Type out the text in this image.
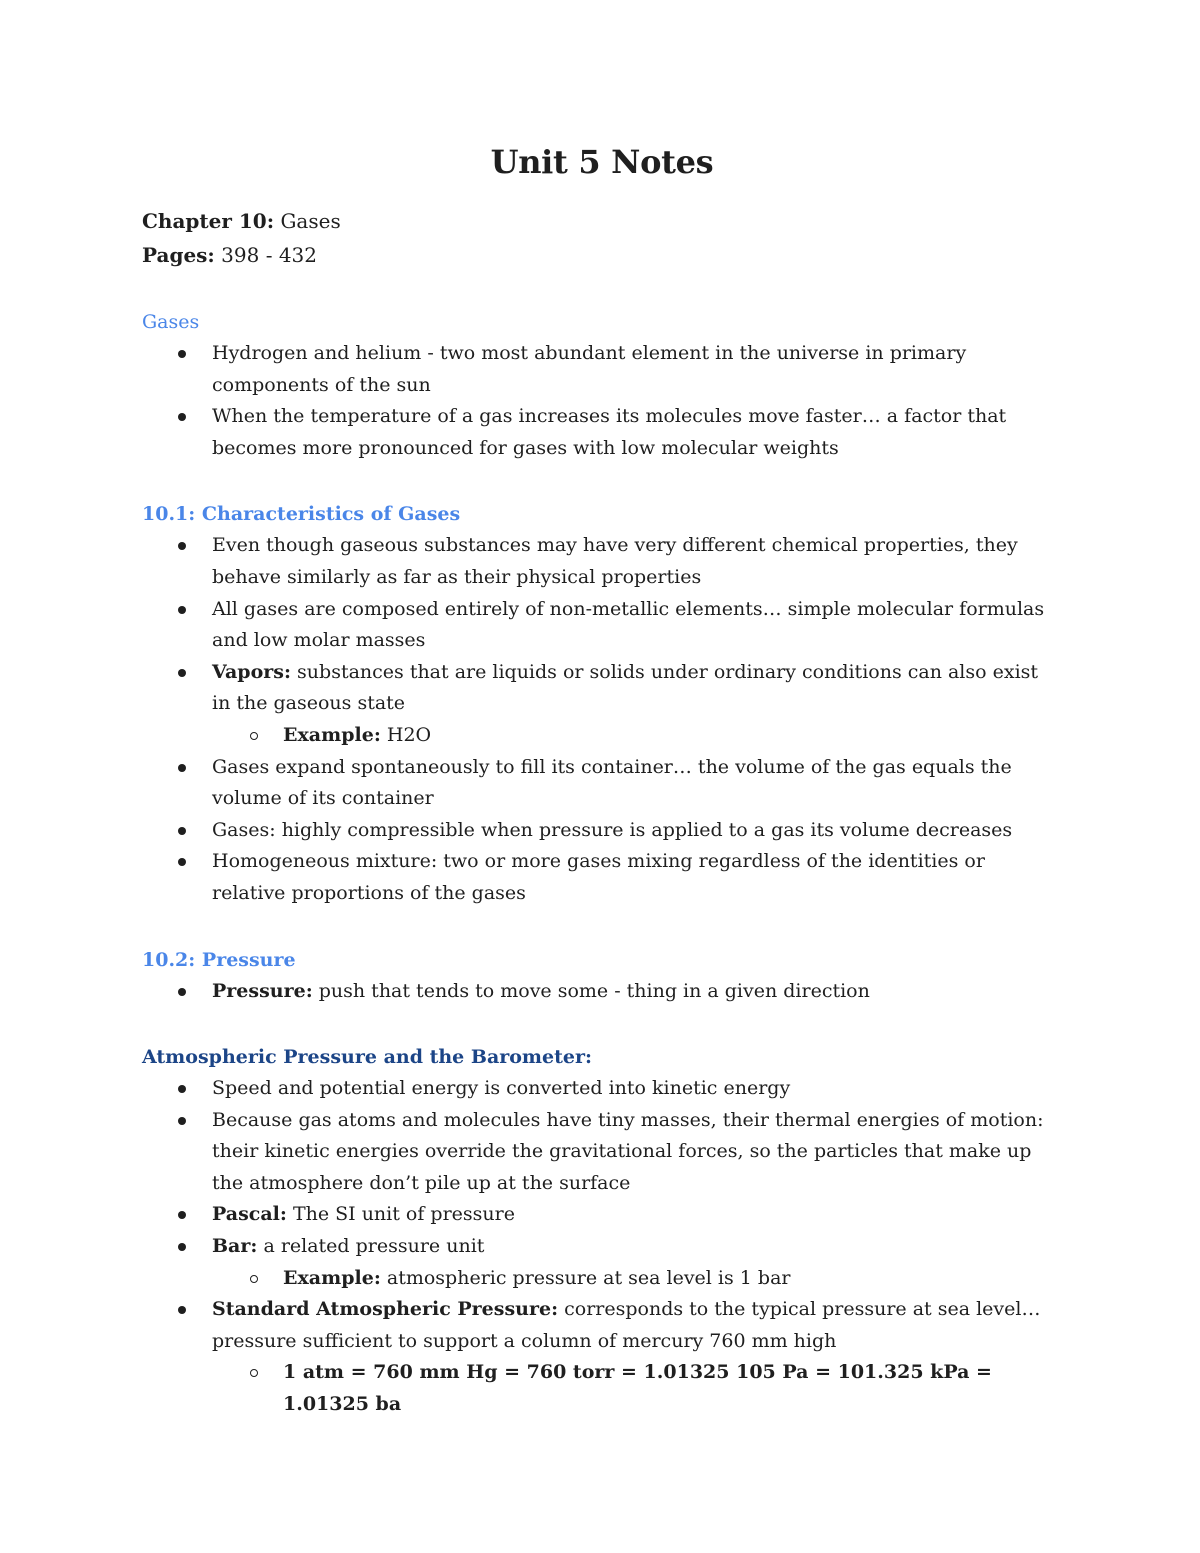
Unit 5 Notes

Chapter 10: Gases

Pages: 398 - 432

Gases

Hydrogen and helium - two most abundant element in the universe in primary components of the sun
When the temperature of a gas increases its molecules move faster… a factor that becomes more pronounced for gases with low molecular weights

10.1: Characteristics of Gases

Even though gaseous substances may have very different chemical properties, they behave similarly as far as their physical properties
All gases are composed entirely of non-metallic elements… simple molecular formulas and low molar masses
Vapors: substances that are liquids or solids under ordinary conditions can also exist in the gaseous state
Example: H2O
Gases expand spontaneously to fill its container… the volume of the gas equals the volume of its container
Gases: highly compressible when pressure is applied to a gas its volume decreases
Homogeneous mixture: two or more gases mixing regardless of the identities or relative proportions of the gases

10.2: Pressure

Pressure: push that tends to move some - thing in a given direction

Atmospheric Pressure and the Barometer:

Speed and potential energy is converted into kinetic energy
Because gas atoms and molecules have tiny masses, their thermal energies of motion: their kinetic energies override the gravitational forces, so the particles that make up the atmosphere don’t pile up at the surface
Pascal: The SI unit of pressure
Bar: a related pressure unit
Example: atmospheric pressure at sea level is 1 bar
Standard Atmospheric Pressure: corresponds to the typical pressure at sea level… pressure sufficient to support a column of mercury 760 mm high
1 atm = 760 mm Hg = 760 torr = 1.01325 105 Pa = 101.325 kPa = 1.01325 ba
